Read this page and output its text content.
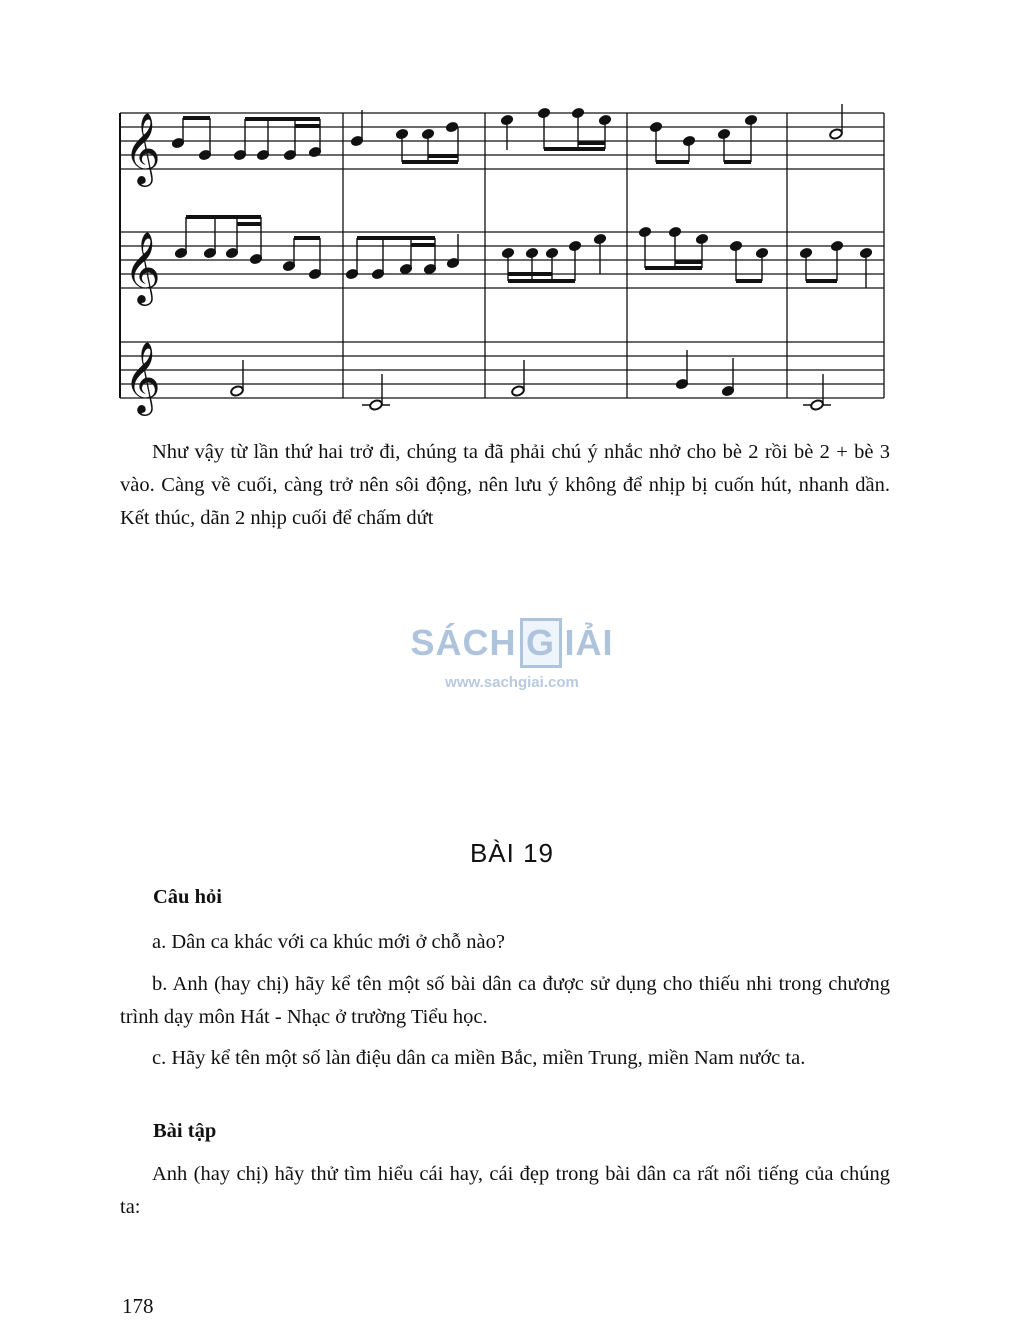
𝄞
𝄞
𝄞

Như vậy từ lần thứ hai trở đi, chúng ta đã phải chú ý nhắc nhở cho bè 2 rồi bè 2 + bè 3 vào. Càng về cuối, càng trở nên sôi động, nên lưu ý không để nhịp bị cuốn hút, nhanh dần. Kết thúc, dãn 2 nhịp cuối để chấm dứt

SÁCH G IẢI
www.sachgiai.com
BÀI 19

Câu hỏi

a. Dân ca khác với ca khúc mới ở chỗ nào?

b. Anh (hay chị) hãy kể tên một số bài dân ca được sử dụng cho thiếu nhi trong chương trình dạy môn Hát - Nhạc ở trường Tiểu học.

c. Hãy kể tên một số làn điệu dân ca miền Bắc, miền Trung, miền Nam nước ta.

Bài tập

Anh (hay chị) hãy thử tìm hiểu cái hay, cái đẹp trong bài dân ca rất nổi tiếng của chúng ta:

178
